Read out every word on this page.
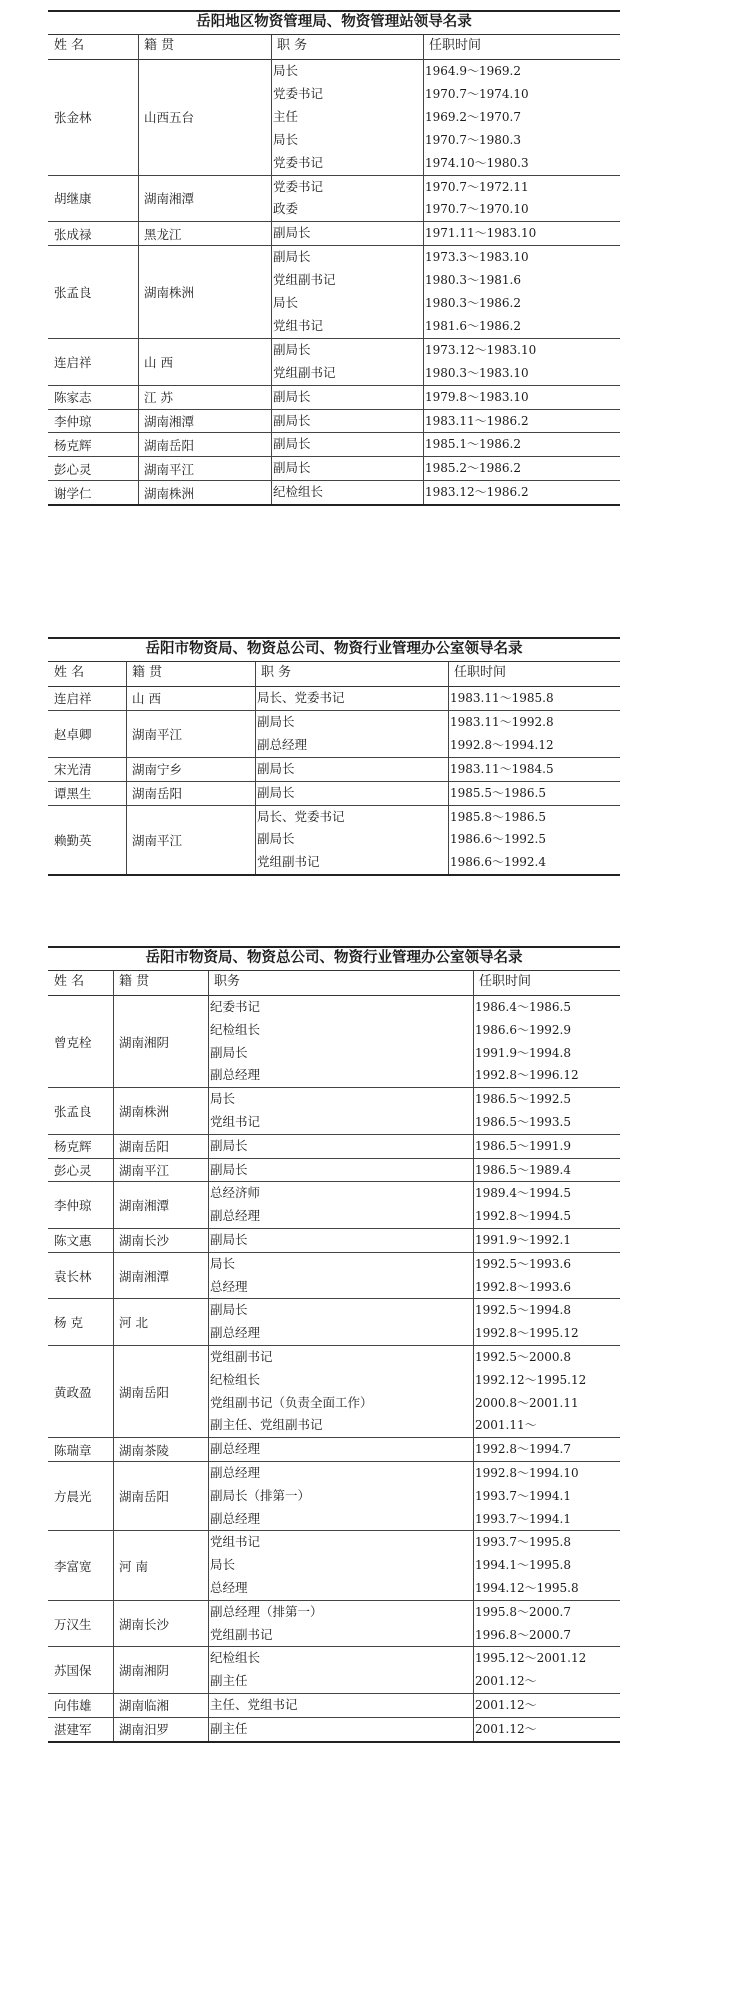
岳阳地区物资管理局、物资管理站领导名录
姓 名	籍 贯	职 务	任职时间
张金林	山西五台
局长	1964.9～1969.2
党委书记	1970.7～1974.10
主任	1969.2～1970.7
局长	1970.7～1980.3
党委书记	1974.10～1980.3
胡继康	湖南湘潭
党委书记	1970.7～1972.11
政委	1970.7～1970.10
张成禄	黑龙江	副局长	1971.11～1983.10
张孟良	湖南株洲
副局长	1973.3～1983.10
党组副书记	1980.3～1981.6
局长	1980.3～1986.2
党组书记	1981.6～1986.2
连启祥	山 西
副局长	1973.12～1983.10
党组副书记	1980.3～1983.10
陈家志	江 苏	副局长	1979.8～1983.10
李仲琼	湖南湘潭	副局长	1983.11～1986.2
杨克辉	湖南岳阳	副局长	1985.1～1986.2
彭心灵	湖南平江	副局长	1985.2～1986.2
谢学仁	湖南株洲	纪检组长	1983.12～1986.2
岳阳市物资局、物资总公司、物资行业管理办公室领导名录
姓 名	籍 贯	职 务	任职时间
连启祥	山 西	局长、党委书记	1983.11～1985.8
赵卓卿	湖南平江
副局长	1983.11～1992.8
副总经理	1992.8～1994.12
宋光清	湖南宁乡	副局长	1983.11～1984.5
谭黑生	湖南岳阳	副局长	1985.5～1986.5
赖勤英	湖南平江
局长、党委书记	1985.8～1986.5
副局长	1986.6～1992.5
党组副书记	1986.6～1992.4
岳阳市物资局、物资总公司、物资行业管理办公室领导名录
姓 名	籍 贯	职务	任职时间
曾克栓 湖南湘阴
纪委书记	1986.4～1986.5
纪检组长	1986.6～1992.9
副局长	1991.9～1994.8
副总经理	1992.8～1996.12
张孟良 湖南株洲
局长	1986.5～1992.5
党组书记	1986.5～1993.5
杨克辉 湖南岳阳	副局长	1986.5～1991.9
彭心灵 湖南平江	副局长	1986.5～1989.4
李仲琼 湖南湘潭
总经济师	1989.4～1994.5
副总经理	1992.8～1994.5
陈文惠 湖南长沙	副局长	1991.9～1992.1
袁长林 湖南湘潭
局长	1992.5～1993.6
总经理	1992.8～1993.6
杨 克	河 北
副局长	1992.5～1994.8
副总经理	1992.8～1995.12
黄政盈 湖南岳阳
党组副书记	1992.5～2000.8
纪检组长	1992.12～1995.12
党组副书记（负责全面工作）	2000.8～2001.11
副主任、党组副书记	2001.11～
陈瑞章 湖南茶陵	副总经理	1992.8～1994.7
方晨光 湖南岳阳
副总经理	1992.8～1994.10
副局长（排第一）	1993.7～1994.1
副总经理	1993.7～1994.1
李富宽 河 南
党组书记	1993.7～1995.8
局长	1994.1～1995.8
总经理	1994.12～1995.8
万汉生 湖南长沙
副总经理（排第一）	1995.8～2000.7
党组副书记	1996.8～2000.7
苏国保 湖南湘阴
纪检组长	1995.12～2001.12
副主任	2001.12～
向伟雄 湖南临湘	主任、党组书记	2001.12～
湛建军 湖南汨罗	副主任	2001.12～
